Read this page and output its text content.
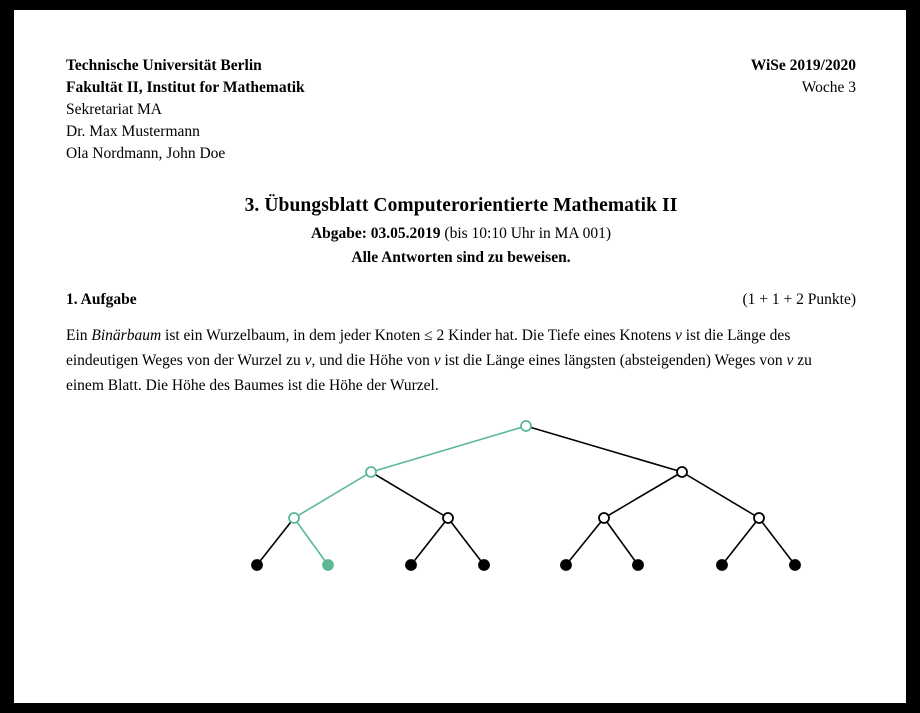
Technische Universität Berlin	WiSe 2019/2020
Fakultät II, Institut for Mathematik	Woche 3
Sekretariat MA
Dr. Max Mustermann
Ola Nordmann, John Doe
3. Übungsblatt Computerorientierte Mathematik II
Abgabe: 03.05.2019 (bis 10:10 Uhr in MA 001)
Alle Antworten sind zu beweisen.
1. Aufgabe	(1 + 1 + 2 Punkte)
Ein Binärbaum ist ein Wurzelbaum, in dem jeder Knoten ≤ 2 Kinder hat. Die Tiefe eines Knotens v ist die Länge des eindeutigen Weges von der Wurzel zu v, und die Höhe von v ist die Länge eines längsten (absteigenden) Weges von v zu einem Blatt. Die Höhe des Baumes ist die Höhe der Wurzel.
